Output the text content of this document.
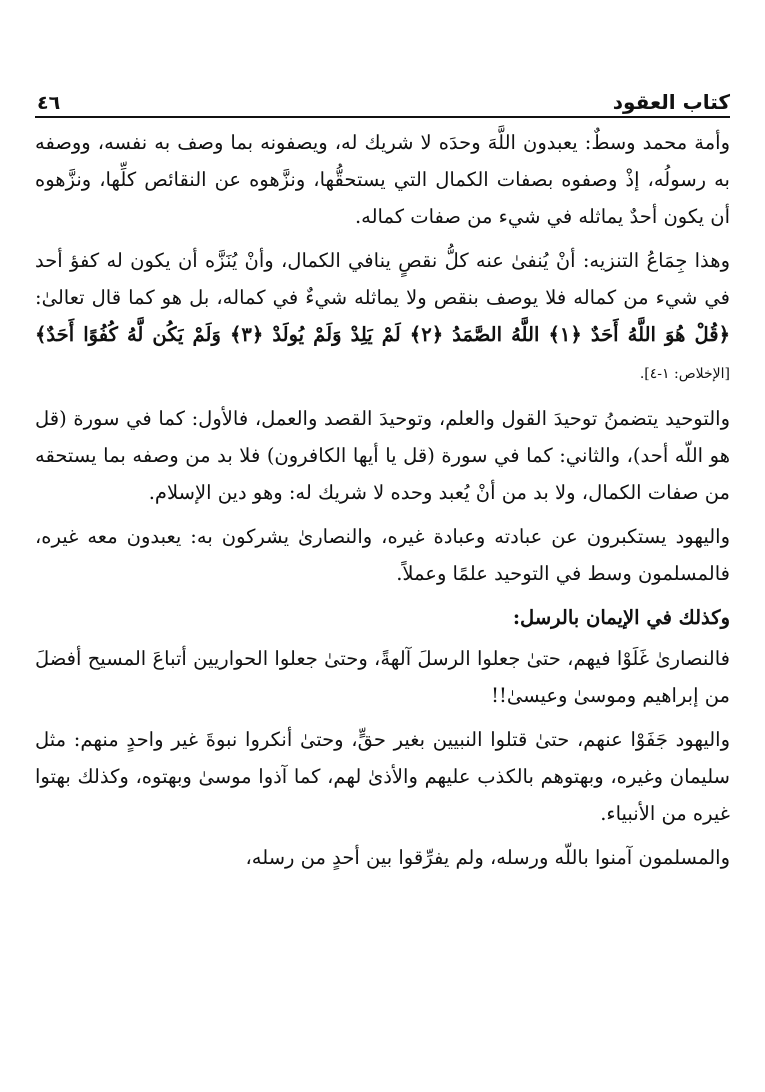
٤٦	كتاب العقود

وأمة محمد وسطٌ: يعبدون اللَّهَ وحدَه لا شريك له، ويصفونه بما وصف به نفسه، ووصفه به رسولُه، إذْ وصفوه بصفات الكمال التي يستحقُّها، ونزَّهوه عن النقائص كلِّها، ونزَّهوه أن يكون أحدٌ يماثله في شيء من صفات كماله.

وهذا جِمَاعُ التنزيه: أنْ يُنفىٰ عنه كلُّ نقصٍ ينافي الكمال، وأنْ يُنَزَّه أن يكون له كفؤ أحد في شيء من كماله فلا يوصف بنقص ولا يماثله شيءٌ في كماله، بل هو كما قال تعالىٰ: ﴿قُلْ هُوَ اللَّهُ أَحَدٌ ﴿١﴾ اللَّهُ الصَّمَدُ ﴿٢﴾ لَمْ يَلِدْ وَلَمْ يُولَدْ ﴿٣﴾ وَلَمْ يَكُن لَّهُ كُفُوًا أَحَدٌ﴾ [الإخلاص: ١-٤].

والتوحيد يتضمنُ توحيدَ القول والعلم، وتوحيدَ القصد والعمل، فالأول: كما في سورة (قل هو اللّه أحد)، والثاني: كما في سورة (قل يا أيها الكافرون) فلا بد من وصفه بما يستحقه من صفات الكمال، ولا بد من أنْ يُعبد وحده لا شريك له: وهو دين الإسلام.

واليهود يستكبرون عن عبادته وعبادة غيره، والنصارىٰ يشركون به: يعبدون معه غيره، فالمسلمون وسط في التوحيد علمًا وعملاً.

وكذلك في الإيمان بالرسل:

فالنصارىٰ غَلَوْا فيهم، حتىٰ جعلوا الرسلَ آلهةً، وحتىٰ جعلوا الحواريين أتباعَ المسيح أفضلَ من إبراهيم وموسىٰ وعيسىٰ!!

واليهود جَفَوْا عنهم، حتىٰ قتلوا النبيين بغير حقٍّ، وحتىٰ أنكروا نبوةَ غير واحدٍ منهم: مثل سليمان وغيره، وبهتوهم بالكذب عليهم والأذىٰ لهم، كما آذوا موسىٰ وبهتوه، وكذلك بهتوا غيره من الأنبياء.

والمسلمون آمنوا باللّه ورسله، ولم يفرِّقوا بين أحدٍ من رسله،
